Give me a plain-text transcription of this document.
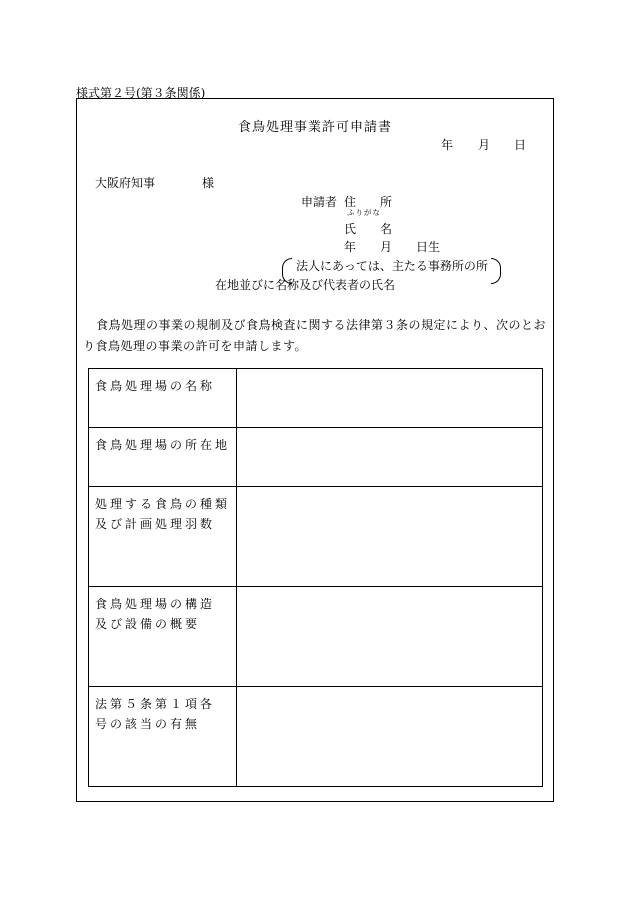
様式第２号(第３条関係)
食鳥処理事業許可申請書
年 月 日
大阪府知事	様
申請者 住 所
ふりがな
氏 名
年 月 日生
法人にあっては、主たる事務所の所
在地並びに名称及び代表者の氏名
食鳥処理の事業の規制及び食鳥検査に関する法律第３条の規定により、次のとおり食鳥処理の事業の許可を申請します。
食鳥処理場の名称	

食鳥処理場の所在地	

処理する食鳥の種類
及び計画処理羽数	

食鳥処理場の構造
及び設備の概要	

法第５条第１項各
号の該当の有無	
